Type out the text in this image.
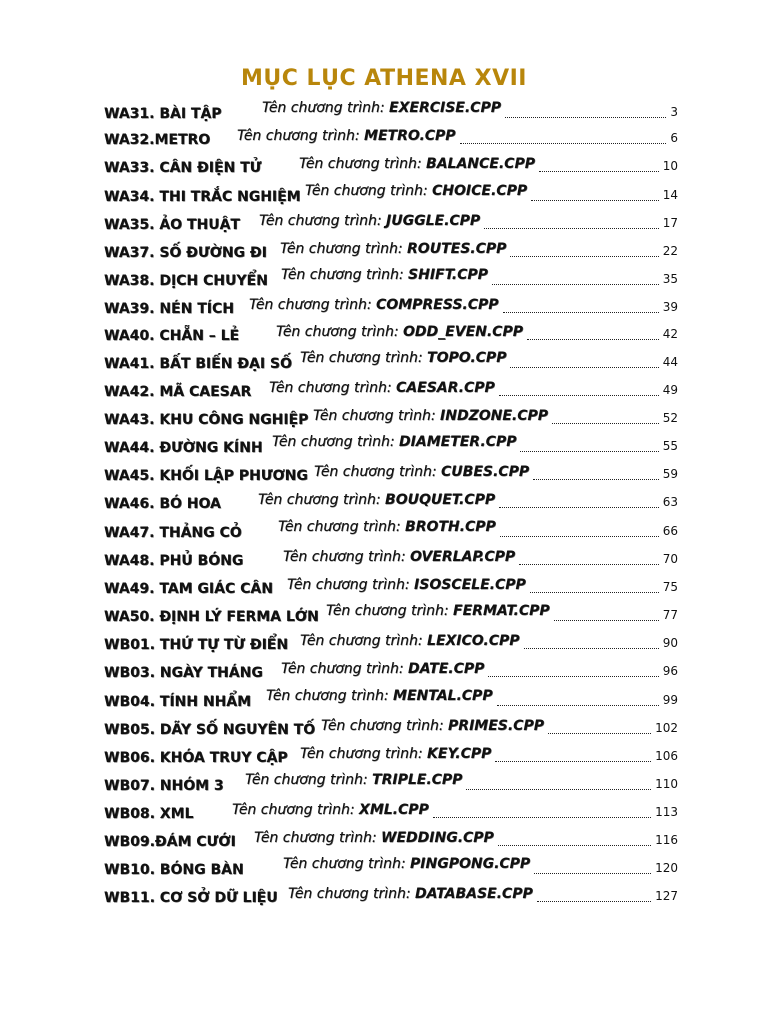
MỤC LỤC ATHENA XVII
WA31. BÀI TẬP	Tên chương trình: EXERCISE.CPP	3
WA32.METRO Tên chương trình: METRO.CPP	6
WA33. CÂN ĐIỆN TỬ	Tên chương trình: BALANCE.CPP	10
WA34. THI TRẮC NGHIỆM Tên chương trình: CHOICE.CPP	14
WA35. ẢO THUẬT Tên chương trình: JUGGLE.CPP	17
WA37. SỐ ĐƯỜNG ĐI Tên chương trình: ROUTES.CPP	22
WA38. DỊCH CHUYỂN Tên chương trình: SHIFT.CPP	35
WA39. NÉN TÍCH Tên chương trình: COMPRESS.CPP	39
WA40. CHẴN – LẺ	Tên chương trình: ODD_EVEN.CPP	42
WA41. BẤT BIẾN ĐẠI SỐ Tên chương trình: TOPO.CPP	44
WA42. MÃ CAESAR Tên chương trình: CAESAR.CPP	49
WA43. KHU CÔNG NGHIỆP Tên chương trình: INDZONE.CPP	52
WA44. ĐƯỜNG KÍNH Tên chương trình: DIAMETER.CPP	55
WA45. KHỐI LẬP PHƯƠNG Tên chương trình: CUBES.CPP	59
WA46. BÓ HOA	Tên chương trình: BOUQUET.CPP	63
WA47. THẢNG CỎ	Tên chương trình: BROTH.CPP	66
WA48. PHỦ BÓNG	Tên chương trình: OVERLAP.CPP	70
WA49. TAM GIÁC CÂN Tên chương trình: ISOSCELE.CPP	75
WA50. ĐỊNH LÝ FERMA LỚN Tên chương trình: FERMAT.CPP	77
WB01. THỨ TỰ TỪ ĐIỂN Tên chương trình: LEXICO.CPP	90
WB03. NGÀY THÁNG Tên chương trình: DATE.CPP	96
WB04. TÍNH NHẨM Tên chương trình: MENTAL.CPP	99
WB05. DÃY SỐ NGUYÊN TỐ Tên chương trình: PRIMES.CPP	102
WB06. KHÓA TRUY CẬP Tên chương trình: KEY.CPP	106
WB07. NHÓM 3 Tên chương trình: TRIPLE.CPP	110
WB08. XML	Tên chương trình: XML.CPP	113
WB09.ĐÁM CƯỚI Tên chương trình: WEDDING.CPP	116
WB10. BÓNG BÀN	Tên chương trình: PINGPONG.CPP	120
WB11. CƠ SỞ DỮ LIỆU Tên chương trình: DATABASE.CPP	127
